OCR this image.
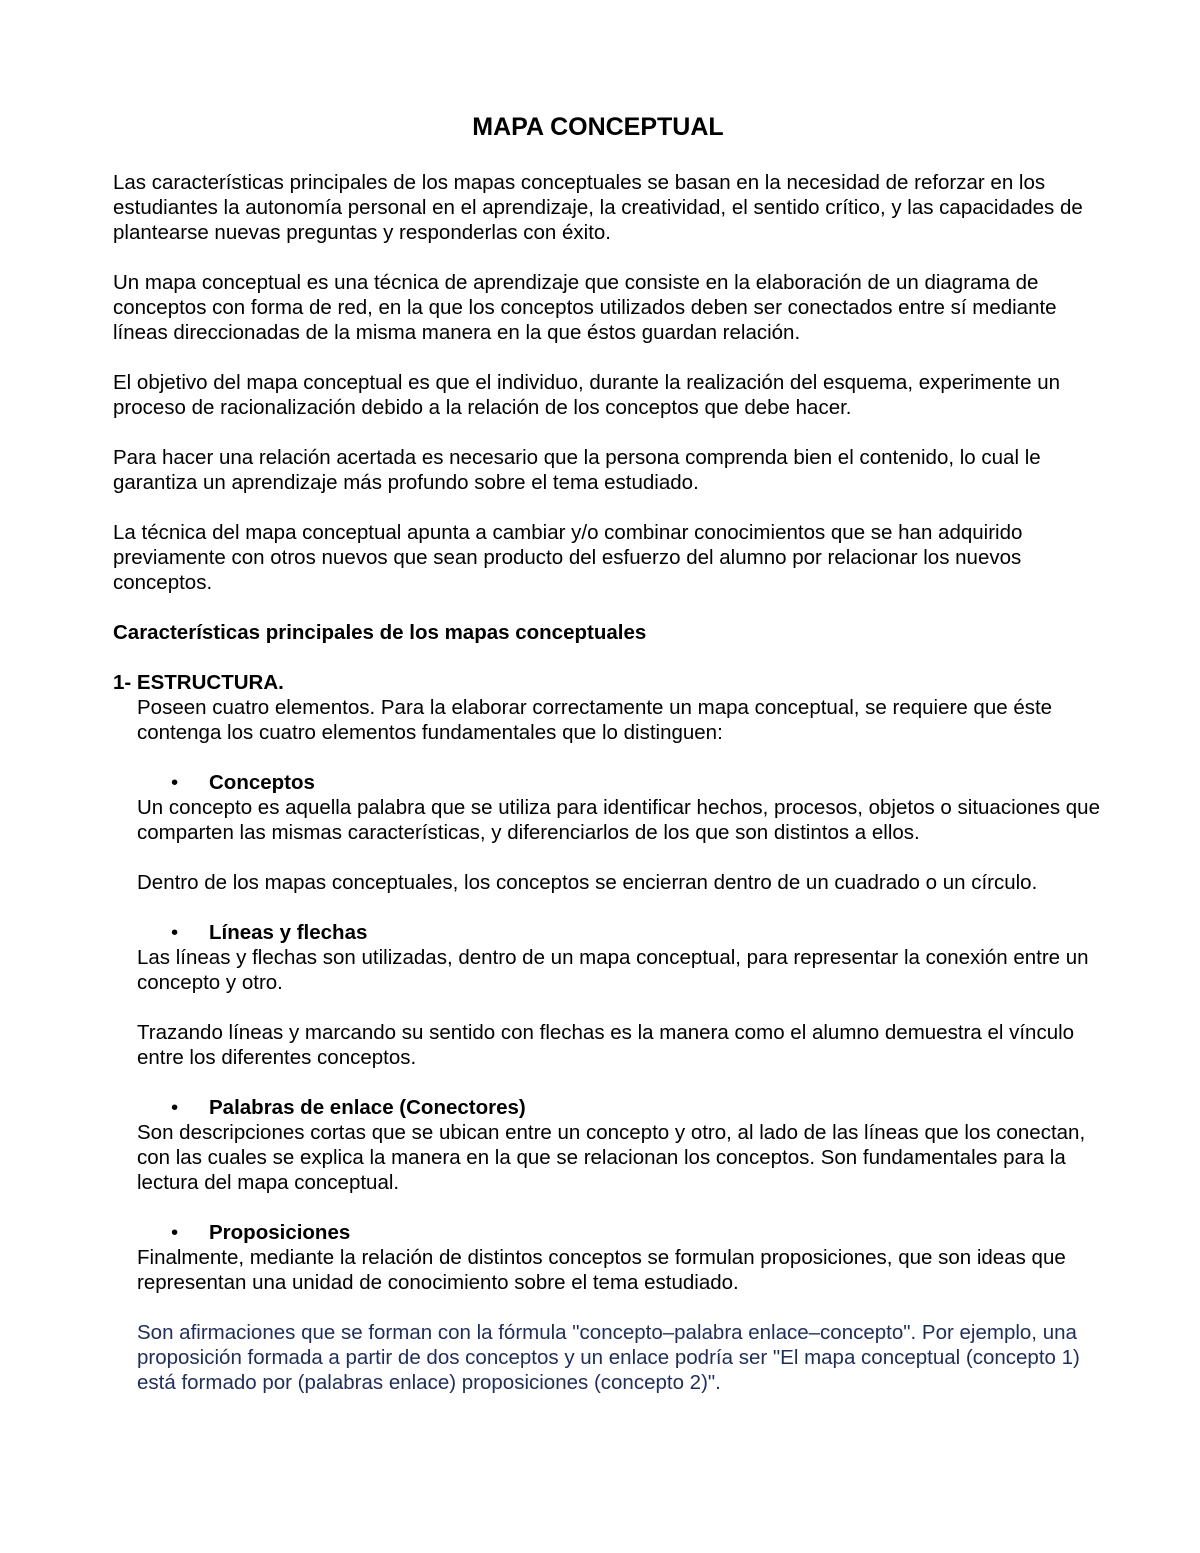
MAPA CONCEPTUAL

Las características principales de los mapas conceptuales se basan en la necesidad de reforzar en los estudiantes la autonomía personal en el aprendizaje, la creatividad, el sentido crítico, y las capacidades de plantearse nuevas preguntas y responderlas con éxito.

Un mapa conceptual es una técnica de aprendizaje que consiste en la elaboración de un diagrama de conceptos con forma de red, en la que los conceptos utilizados deben ser conectados entre sí mediante líneas direccionadas de la misma manera en la que éstos guardan relación.

El objetivo del mapa conceptual es que el individuo, durante la realización del esquema, experimente un proceso de racionalización debido a la relación de los conceptos que debe hacer.

Para hacer una relación acertada es necesario que la persona comprenda bien el contenido, lo cual le garantiza un aprendizaje más profundo sobre el tema estudiado.

La técnica del mapa conceptual apunta a cambiar y/o combinar conocimientos que se han adquirido previamente con otros nuevos que sean producto del esfuerzo del alumno por relacionar los nuevos conceptos.

Características principales de los mapas conceptuales
1- ESTRUCTURA.

Poseen cuatro elementos. Para la elaborar correctamente un mapa conceptual, se requiere que éste contenga los cuatro elementos fundamentales que lo distinguen:

• Conceptos

Un concepto es aquella palabra que se utiliza para identificar hechos, procesos, objetos o situaciones que comparten las mismas características, y diferenciarlos de los que son distintos a ellos.

Dentro de los mapas conceptuales, los conceptos se encierran dentro de un cuadrado o un círculo.

• Líneas y flechas

Las líneas y flechas son utilizadas, dentro de un mapa conceptual, para representar la conexión entre un concepto y otro.

Trazando líneas y marcando su sentido con flechas es la manera como el alumno demuestra el vínculo entre los diferentes conceptos.

• Palabras de enlace (Conectores)

Son descripciones cortas que se ubican entre un concepto y otro, al lado de las líneas que los conectan, con las cuales se explica la manera en la que se relacionan los conceptos. Son fundamentales para la lectura del mapa conceptual.

• Proposiciones

Finalmente, mediante la relación de distintos conceptos se formulan proposiciones, que son ideas que representan una unidad de conocimiento sobre el tema estudiado.

Son afirmaciones que se forman con la fórmula "concepto–palabra enlace–concepto". Por ejemplo, una proposición formada a partir de dos conceptos y un enlace podría ser "El mapa conceptual (concepto 1) está formado por (palabras enlace) proposiciones (concepto 2)".
